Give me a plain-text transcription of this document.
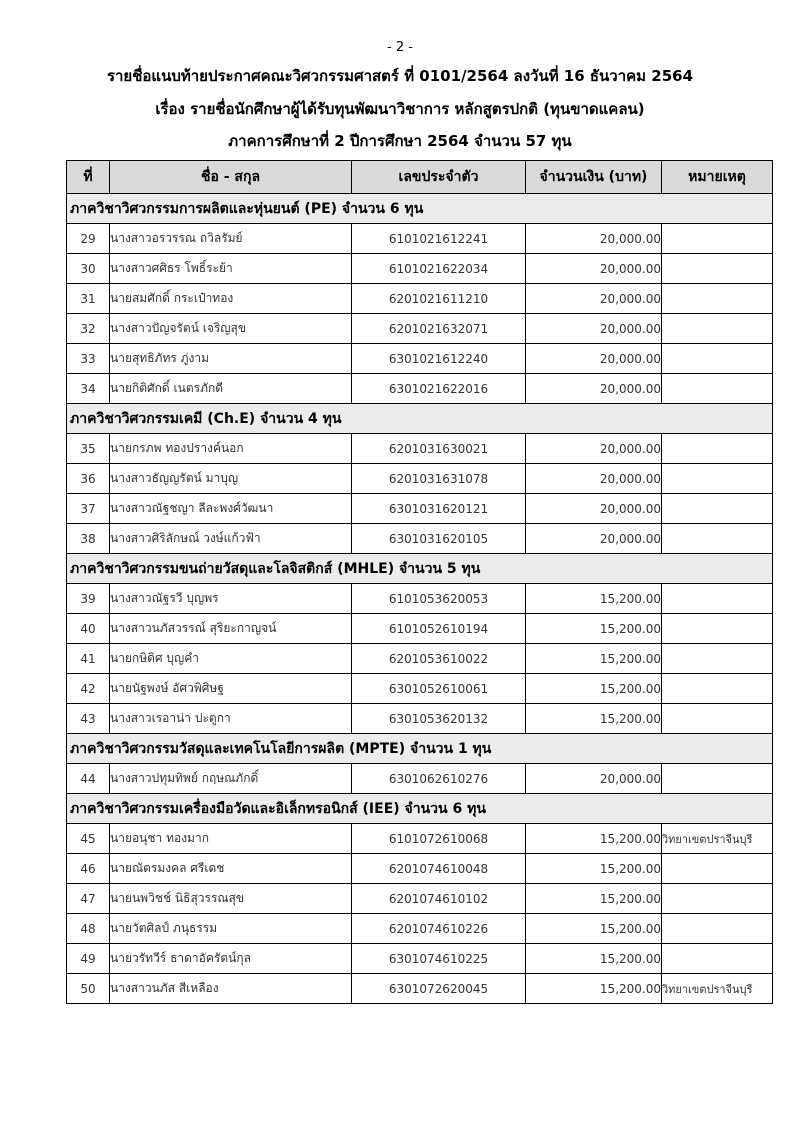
- 2 -
รายชื่อแนบท้ายประกาศคณะวิศวกรรมศาสตร์ ที่ 0101/2564 ลงวันที่ 16 ธันวาคม 2564
เรื่อง รายชื่อนักศึกษาผู้ได้รับทุนพัฒนาวิชาการ หลักสูตรปกติ (ทุนขาดแคลน)
ภาคการศึกษาที่ 2 ปีการศึกษา 2564 จำนวน 57 ทุน
ที่	ชื่อ - สกุล	เลขประจำตัว	จำนวนเงิน (บาท)	หมายเหตุ
ภาควิชาวิศวกรรมการผลิตและหุ่นยนต์ (PE) จำนวน 6 ทุน				
29	นางสาวอรวรรณ ถวิลรัมย์	6101021612241	20,000.00	
30	นางสาวศศิธร โพธิ์ระย้า	6101021622034	20,000.00	
31	นายสมศักดิ์ กระเป๋าทอง	6201021611210	20,000.00	
32	นางสาวปัญจรัตน์ เจริญสุข	6201021632071	20,000.00	
33	นายสุทธิภัทร ภู่งาม	6301021612240	20,000.00	
34	นายกิติศักดิ์ เนตรภักดี	6301021622016	20,000.00	
ภาควิชาวิศวกรรมเคมี (Ch.E) จำนวน 4 ทุน				
35	นายกรภพ ทองปรางค์นอก	6201031630021	20,000.00	
36	นางสาวธัญญรัตน์ มาบุญ	6201031631078	20,000.00	
37	นางสาวณัฐชญา ลีละพงศ์วัฒนา	6301031620121	20,000.00	
38	นางสาวศิริลักษณ์ วงษ์แก้วฟ้า	6301031620105	20,000.00	
ภาควิชาวิศวกรรมขนถ่ายวัสดุและโลจิสติกส์ (MHLE) จำนวน 5 ทุน				
39	นางสาวณัฐรวี บุญพร	6101053620053	15,200.00	
40	นางสาวนภัสวรรณ์ สุริยะกาญจน์	6101052610194	15,200.00	
41	นายกษิดิศ บุญคำ	6201053610022	15,200.00	
42	นายนัฐพงษ์ อัศวพิศิษฐ	6301052610061	15,200.00	
43	นางสาวเรอาน่า ปะตูกา	6301053620132	15,200.00	
ภาควิชาวิศวกรรมวัสดุและเทคโนโลยีการผลิต (MPTE) จำนวน 1 ทุน				
44	นางสาวปทุมทิพย์ กฤษณภักดิ์	6301062610276	20,000.00	
ภาควิชาวิศวกรรมเครื่องมือวัดและอิเล็กทรอนิกส์ (IEE) จำนวน 6 ทุน				
45	นายอนุชา ทองมาก	6101072610068	15,200.00	วิทยาเขตปราจีนบุรี
46	นายณัตรมงคล ศรีเดช	6201074610048	15,200.00	
47	นายนพวิชช์ นิธิสุวรรณสุข	6201074610102	15,200.00	
48	นายวัตศิลป์ ภนุธรรม	6201074610226	15,200.00	
49	นายวรัทวีร์ ธาดาอัครัตน์กุล	6301074610225	15,200.00	
50	นางสาวนภัส สีเหลือง	6301072620045	15,200.00	วิทยาเขตปราจีนบุรี
